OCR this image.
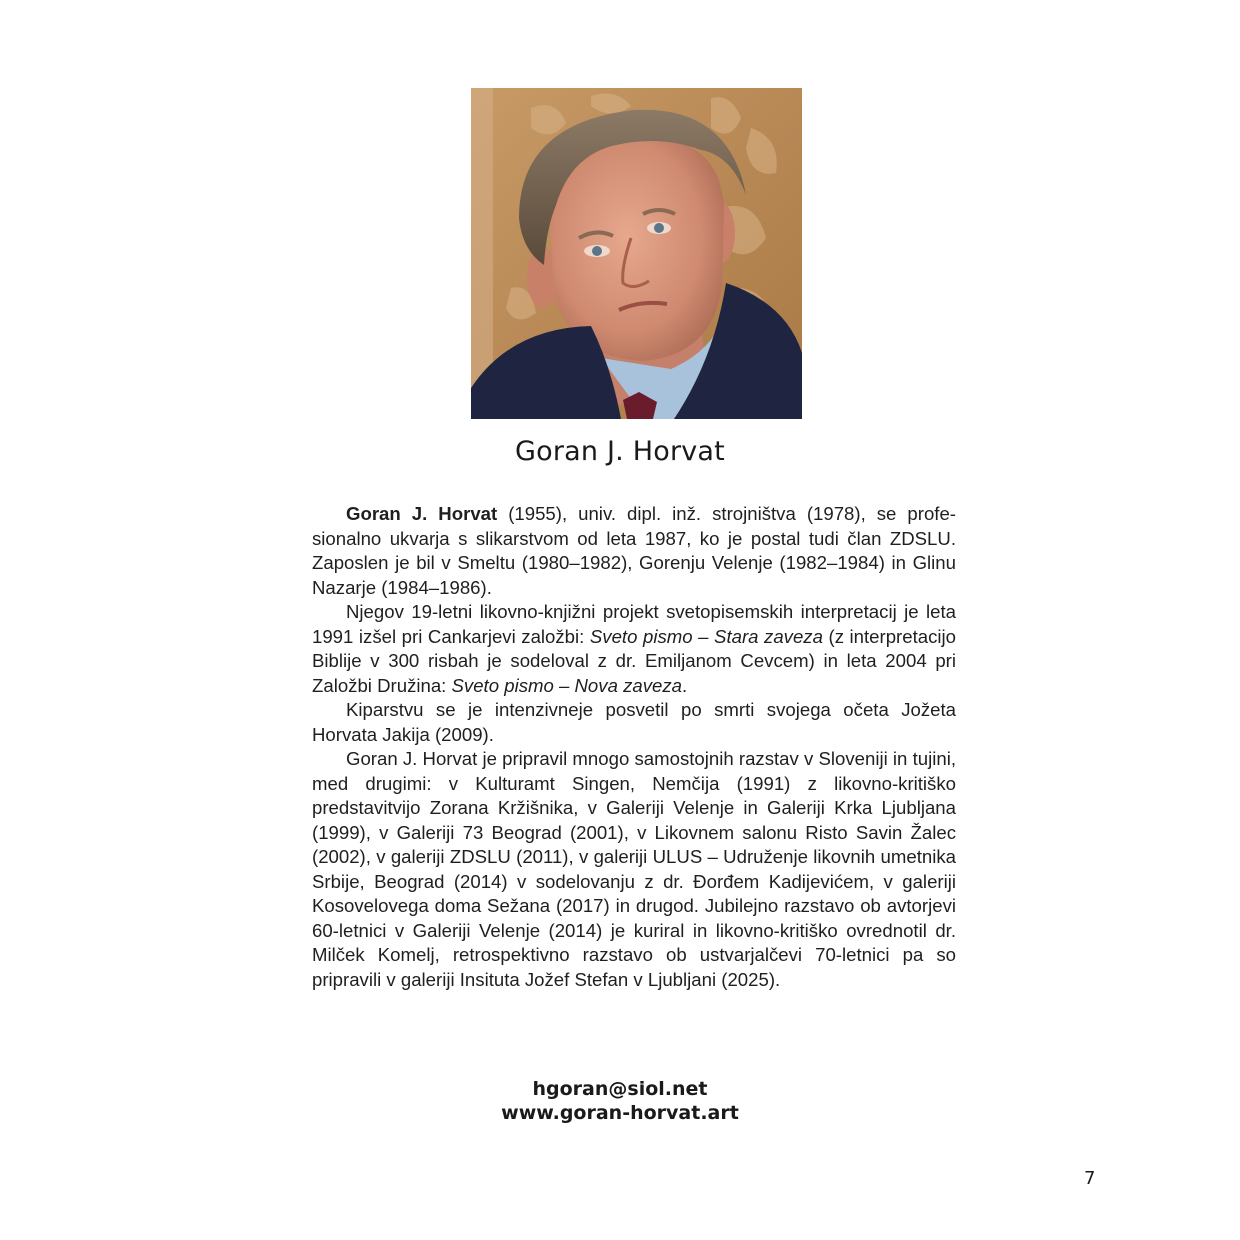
Goran J. Horvat

Goran J. Horvat (1955), univ. dipl. inž. strojništva (1978), se profesionalno ukvarja s slikarstvom od leta 1987, ko je postal tudi član ZDSLU. Zaposlen je bil v Smeltu (1980–1982), Gorenju Velenje (1982–1984) in Glinu Nazarje (1984–1986).

Njegov 19-letni likovno-knjižni projekt svetopisemskih interpretacij je leta 1991 izšel pri Cankarjevi založbi: Sveto pismo – Stara zaveza (z interpretacijo Biblije v 300 risbah je sodeloval z dr. Emiljanom Cevcem) in leta 2004 pri Založbi Družina: Sveto pismo – Nova zaveza.

Kiparstvu se je intenzivneje posvetil po smrti svojega očeta Jožeta Horvata Jakija (2009).

Goran J. Horvat je pripravil mnogo samostojnih razstav v Sloveniji in tujini, med drugimi: v Kulturamt Singen, Nemčija (1991) z likovno-kritiško predstavitvijo Zorana Kržišnika, v Galeriji Velenje in Galeriji Krka Ljubljana (1999), v Galeriji 73 Beograd (2001), v Likovnem salonu Risto Savin Žalec (2002), v galeriji ZDSLU (2011), v galeriji ULUS – Udruženje likovnih umetnika Srbije, Beograd (2014) v sodelovanju z dr. Đorđem Kadijevićem, v galeriji Kosovelovega doma Sežana (2017) in drugod. Jubilejno razstavo ob avtorjevi 60-letnici v Galeriji Velenje (2014) je kuriral in likovno-kritiško ovrednotil dr. Milček Komelj, retrospektivno razstavo ob ustvarjalčevi 70-letnici pa so pripravili v galeriji Insituta Jožef Stefan v Ljubljani (2025).

hgoran@siol.net
www.goran-horvat.art
7
